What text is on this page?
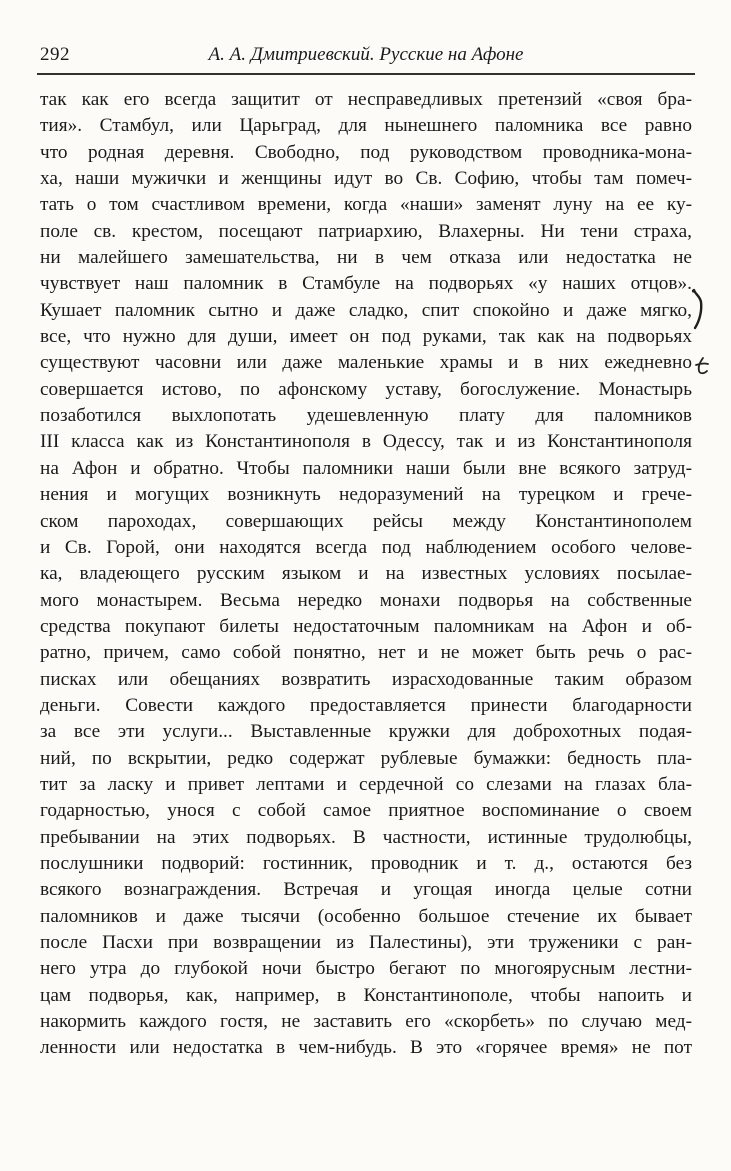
292	А. А. Дмитриевский. Русские на Афоне
так как его всегда защитит от несправедливых претензий «своя бра-
тия». Стамбул, или Царьград, для нынешнего паломника все равно
что родная деревня. Свободно, под руководством проводника-мона-
ха, наши мужички и женщины идут во Св. Софию, чтобы там помеч-
тать о том счастливом времени, когда «наши» заменят луну на ее ку-
поле св. крестом, посещают патриархию, Влахерны. Ни тени страха,
ни малейшего замешательства, ни в чем отказа или недостатка не
чувствует наш паломник в Стамбуле на подворьях «у наших отцов».
Кушает паломник сытно и даже сладко, спит спокойно и даже мягко,
все, что нужно для души, имеет он под руками, так как на подворьях
существуют часовни или даже маленькие храмы и в них ежедневно
совершается истово, по афонскому уставу, богослужение. Монастырь
позаботился выхлопотать удешевленную плату для паломников
III класса как из Константинополя в Одессу, так и из Константинополя
на Афон и обратно. Чтобы паломники наши были вне всякого затруд-
нения и могущих возникнуть недоразумений на турецком и грече-
ском пароходах, совершающих рейсы между Константинополем
и Св. Горой, они находятся всегда под наблюдением особого челове-
ка, владеющего русским языком и на известных условиях посылае-
мого монастырем. Весьма нередко монахи подворья на собственные
средства покупают билеты недостаточным паломникам на Афон и об-
ратно, причем, само собой понятно, нет и не может быть речь о рас-
писках или обещаниях возвратить израсходованные таким образом
деньги. Совести каждого предоставляется принести благодарности
за все эти услуги... Выставленные кружки для доброхотных подая-
ний, по вскрытии, редко содержат рублевые бумажки: бедность пла-
тит за ласку и привет лептами и сердечной со слезами на глазах бла-
годарностью, унося с собой самое приятное воспоминание о своем
пребывании на этих подворьях. В частности, истинные трудолюбцы,
послушники подворий: гостинник, проводник и т. д., остаются без
всякого вознаграждения. Встречая и угощая иногда целые сотни
паломников и даже тысячи (особенно большое стечение их бывает
после Пасхи при возвращении из Палестины), эти труженики с ран-
него утра до глубокой ночи быстро бегают по многоярусным лестни-
цам подворья, как, например, в Константинополе, чтобы напоить и
накормить каждого гостя, не заставить его «скорбеть» по случаю мед-
ленности или недостатка в чем-нибудь. В это «горячее время» не пот
